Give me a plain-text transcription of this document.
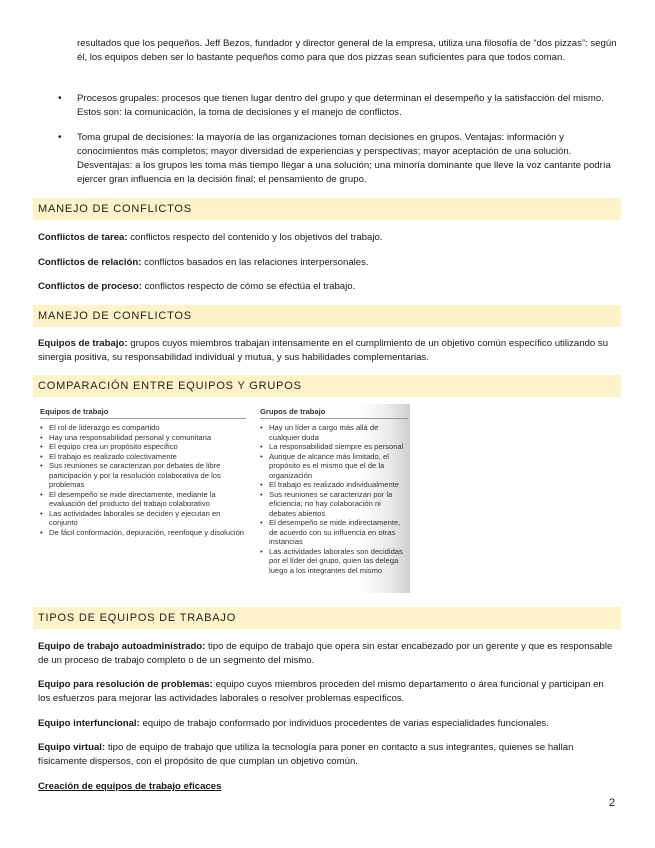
resultados que los pequeños. Jeff Bezos, fundador y director general de la empresa, utiliza una filosofía de “dos pizzas”: según él, los equipos deben ser lo bastante pequeños como para que dos pizzas sean suficientes para que todos coman.

• Procesos grupales: procesos que tienen lugar dentro del grupo y que determinan el desempeño y la satisfacción del mismo. Estos son: la comunicación, la toma de decisiones y el manejo de conflictos.
• Toma grupal de decisiones: la mayoría de las organizaciones toman decisiones en grupos. Ventajas: información y conocimientos más completos; mayor diversidad de experiencias y perspectivas; mayor aceptación de una solución. Desventajas: a los grupos les toma más tiempo llegar a una solución; una minoría dominante que lleve la voz cantante podría ejercer gran influencia en la decisión final; el pensamiento de grupo.
MANEJO DE CONFLICTOS

Conflictos de tarea: conflictos respecto del contenido y los objetivos del trabajo.

Conflictos de relación: conflictos basados en las relaciones interpersonales.

Conflictos de proceso: conflictos respecto de cómo se efectúa el trabajo.

MANEJO DE CONFLICTOS

Equipos de trabajo: grupos cuyos miembros trabajan intensamente en el cumplimiento de un objetivo común específico utilizando su sinergia positiva, su responsabilidad individual y mutua, y sus habilidades complementarias.

COMPARACIÓN ENTRE EQUIPOS Y GRUPOS
Equipos de trabajo
• El rol de liderazgo es compartido
• Hay una responsabilidad personal y comunitaria
• El equipo crea un propósito específico
• El trabajo es realizado colectivamente
• Sus reuniones se caracterizan por debates de libre participación y por la resolución colaborativa de los problemas
• El desempeño se mide directamente, mediante la evaluación del producto del trabajo colaborativo
• Las actividades laborales se deciden y ejecutan en conjunto
• De fácil conformación, depuración, reenfoque y disolución
Grupos de trabajo
• Hay un líder a cargo más allá de cualquier duda
• La responsabilidad siempre es personal
• Aunque de alcance más limitado, el propósito es el mismo que el de la organización
• El trabajo es realizado individualmente
• Sus reuniones se caracterizan por la eficiencia; no hay colaboración ni debates abiertos
• El desempeño se mide indirectamente, de acuerdo con su influencia en otras instancias
• Las actividades laborales son decididas por el líder del grupo, quien las delega luego a los integrantes del mismo
TIPOS DE EQUIPOS DE TRABAJO

Equipo de trabajo autoadministrado: tipo de equipo de trabajo que opera sin estar encabezado por un gerente y que es responsable de un proceso de trabajo completo o de un segmento del mismo.

Equipo para resolución de problemas: equipo cuyos miembros proceden del mismo departamento o área funcional y participan en los esfuerzos para mejorar las actividades laborales o resolver problemas específicos.

Equipo interfuncional: equipo de trabajo conformado por individuos procedentes de varias especialidades funcionales.

Equipo virtual: tipo de equipo de trabajo que utiliza la tecnología para poner en contacto a sus integrantes, quienes se hallan físicamente dispersos, con el propósito de que cumplan un objetivo común.

Creación de equipos de trabajo eficaces

2
